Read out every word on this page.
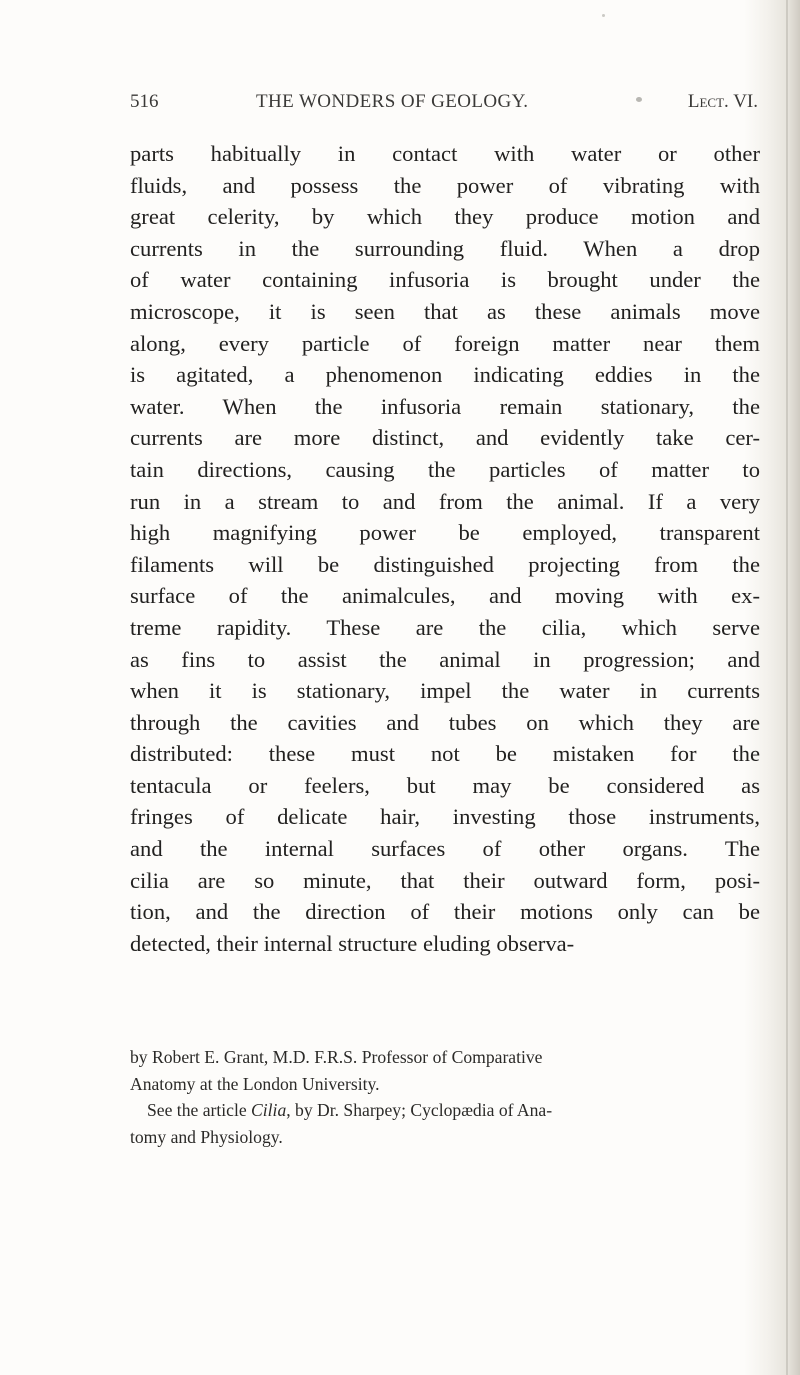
516	THE WONDERS OF GEOLOGY.	Lect. VI.
parts habitually in contact with water or other
fluids, and possess the power of vibrating with
great celerity, by which they produce motion and
currents in the surrounding fluid. When a drop
of water containing infusoria is brought under the
microscope, it is seen that as these animals move
along, every particle of foreign matter near them
is agitated, a phenomenon indicating eddies in the
water. When the infusoria remain stationary, the
currents are more distinct, and evidently take cer-
tain directions, causing the particles of matter to
run in a stream to and from the animal. If a very
high magnifying power be employed, transparent
filaments will be distinguished projecting from the
surface of the animalcules, and moving with ex-
treme rapidity. These are the cilia, which serve
as fins to assist the animal in progression; and
when it is stationary, impel the water in currents
through the cavities and tubes on which they are
distributed: these must not be mistaken for the
tentacula or feelers, but may be considered as
fringes of delicate hair, investing those instruments,
and the internal surfaces of other organs. The
cilia are so minute, that their outward form, posi-
tion, and the direction of their motions only can be
detected, their internal structure eluding observa-
by Robert E. Grant, M.D. F.R.S. Professor of Comparative
Anatomy at the London University.
See the article Cilia, by Dr. Sharpey; Cyclopædia of Ana-
tomy and Physiology.
